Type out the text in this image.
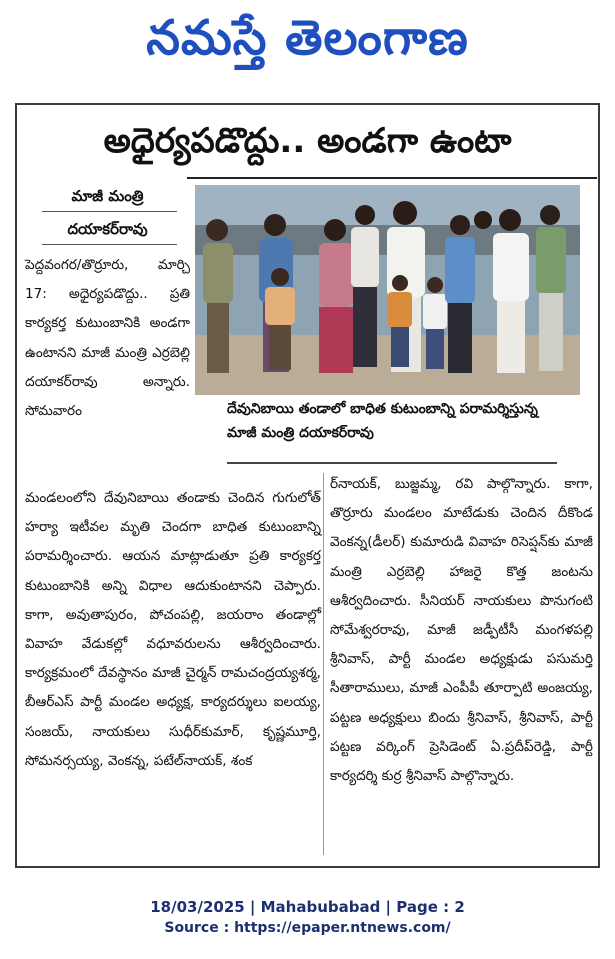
నమస్తే తెలంగాణ
అధైర్యపడొద్దు.. అండగా ఉంటా
మాజీ మంత్రి
దయాకర్‌రావు
దేవునిబాయి తండాలో బాధిత కుటుంబాన్ని పరామర్శిస్తున్న మాజీ మంత్రి దయాకర్‌రావు
పెద్దవంగర/తొర్రూరు, మార్చి 17: అధైర్యపడొద్దు.. ప్రతి కార్యకర్త కుటుంబానికి అండగా ఉంటానని మాజీ మంత్రి ఎర్రబెల్లి దయాకర్‌రావు అన్నారు. సోమవారం
మండలంలోని దేవునిబాయి తండాకు చెందిన గుగులోత్ హర్యా ఇటీవల మృతి చెందగా బాధిత కుటుంబాన్ని పరామర్శించారు. ఆయన మాట్లాడుతూ ప్రతి కార్యకర్త కుటుంబానికి అన్ని విధాల ఆదుకుంటానని చెప్పారు. కాగా, అవుతాపురం, పోచంపల్లి, జయరాం తండాల్లో వివాహ వేడుకల్లో వధూవరులను ఆశీర్వదించారు. కార్యక్రమంలో దేవస్థానం మాజీ చైర్మన్ రామచంద్రయ్యశర్మ, బీఆర్‌ఎస్ పార్టీ మండల అధ్యక్ష, కార్యదర్శులు ఐలయ్య, సంజయ్, నాయకులు సుధీర్‌కుమార్, కృష్ణమూర్తి, సోమనర్సయ్య, వెంకన్న, పటేల్‌నాయక్, శంక
ర్‌నాయక్, బుజ్జమ్మ, రవి పాల్గొన్నారు. కాగా, తొర్రూరు మండలం మాటేడుకు చెందిన దీకొండ వెంకన్న(డీలర్) కుమారుడి వివాహ రిసెప్షన్‌కు మాజీ మంత్రి ఎర్రబెల్లి హాజరై కొత్త జంటను ఆశీర్వదించారు. సీనియర్ నాయకులు పొనుగంటి సోమేశ్వరరావు, మాజీ జడ్పీటీసీ మంగళపల్లి శ్రీనివాస్, పార్టీ మండల అధ్యక్షుడు పసుమర్తి సీతారాములు, మాజీ ఎంపీపీ తూర్పాటి అంజయ్య, పట్టణ అధ్యక్షులు బిందు శ్రీనివాస్, శ్రీనివాస్, పార్టీ పట్టణ వర్కింగ్ ప్రెసిడెంట్ ఏ.ప్రదీప్‌రెడ్డి, పార్టీ కార్యదర్శి కుర్ర శ్రీనివాస్ పాల్గొన్నారు.
18/03/2025 | Mahabubabad | Page : 2
Source : https://epaper.ntnews.com/
